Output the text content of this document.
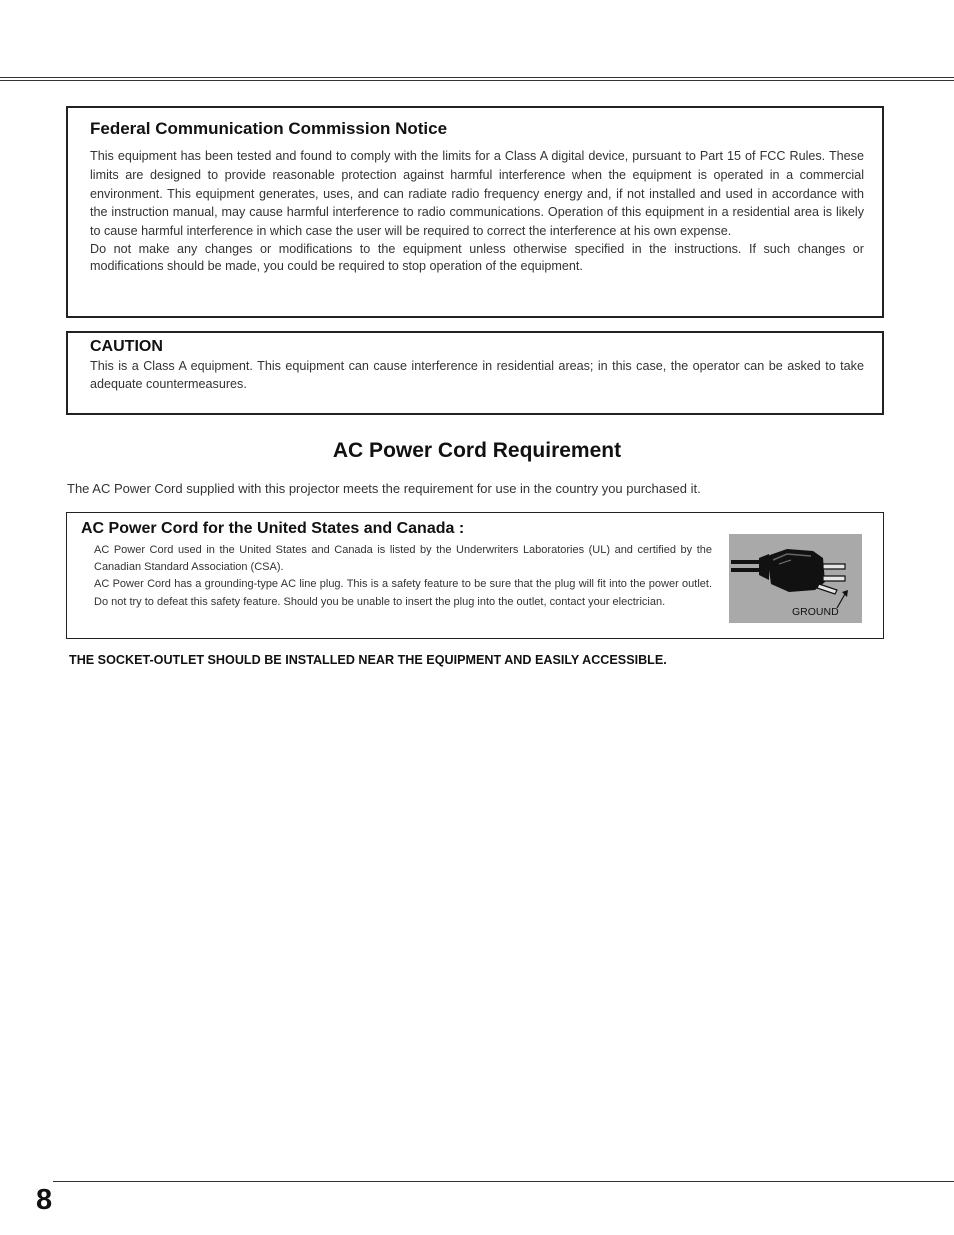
Federal Communication Commission Notice

This equipment has been tested and found to comply with the limits for a Class A digital device, pursuant to Part 15 of FCC Rules. These limits are designed to provide reasonable protection against harmful interference when the equipment is operated in a commercial environment. This equipment generates, uses, and can radiate radio frequency energy and, if not installed and used in accordance with the instruction manual, may cause harmful interference to radio communications. Operation of this equipment in a residential area is likely to cause harmful interference in which case the user will be required to correct the interference at his own expense.

Do not make any changes or modifications to the equipment unless otherwise specified in the instructions. If such changes or modifications should be made, you could be required to stop operation of the equipment.

CAUTION
This is a Class A equipment. This equipment can cause interference in residential areas; in this case, the operator can be asked to take adequate countermeasures.
AC Power Cord Requirement
The AC Power Cord supplied with this projector meets the requirement for use in the country you purchased it.
AC Power Cord for the United States and Canada :

AC Power Cord used in the United States and Canada is listed by the Underwriters Laboratories (UL) and certified by the Canadian Standard Association (CSA).

AC Power Cord has a grounding-type AC line plug. This is a safety feature to be sure that the plug will fit into the power outlet. Do not try to defeat this safety feature. Should you be unable to insert the plug into the outlet, contact your electrician.

GROUND
THE SOCKET-OUTLET SHOULD BE INSTALLED NEAR THE EQUIPMENT AND EASILY ACCESSIBLE.
8
